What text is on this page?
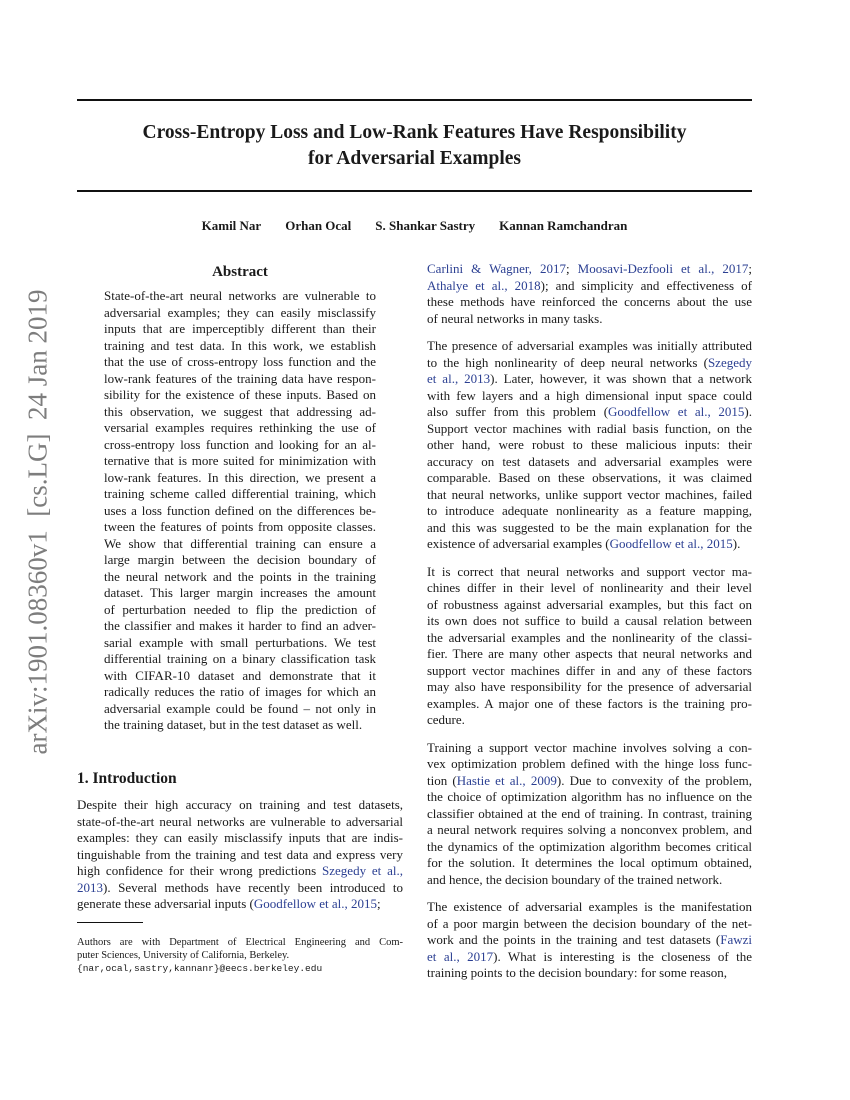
arXiv:1901.08360v1  [cs.LG]  24 Jan 2019
Cross-Entropy Loss and Low-Rank Features Have Responsibility
for Adversarial Examples
Kamil Nar Orhan Ocal S. Shankar Sastry Kannan Ramchandran
Abstract
State-of-the-art neural networks are vulnerable to
adversarial examples; they can easily misclassify
inputs that are imperceptibly different than their
training and test data. In this work, we establish
that the use of cross-entropy loss function and the
low-rank features of the training data have respon-
sibility for the existence of these inputs. Based on
this observation, we suggest that addressing ad-
versarial examples requires rethinking the use of
cross-entropy loss function and looking for an al-
ternative that is more suited for minimization with
low-rank features. In this direction, we present a
training scheme called differential training, which
uses a loss function defined on the differences be-
tween the features of points from opposite classes.
We show that differential training can ensure a
large margin between the decision boundary of
the neural network and the points in the training
dataset. This larger margin increases the amount
of perturbation needed to flip the prediction of
the classifier and makes it harder to find an adver-
sarial example with small perturbations. We test
differential training on a binary classification task
with CIFAR-10 dataset and demonstrate that it
radically reduces the ratio of images for which an
adversarial example could be found – not only in
the training dataset, but in the test dataset as well.
1. Introduction
Despite their high accuracy on training and test datasets,
state-of-the-art neural networks are vulnerable to adversarial
examples: they can easily misclassify inputs that are indis-
tinguishable from the training and test data and express very
high confidence for their wrong predictions Szegedy et al.,
2013). Several methods have recently been introduced to
generate these adversarial inputs (Goodfellow et al., 2015;
Carlini & Wagner, 2017; Moosavi-Dezfooli et al., 2017;
Athalye et al., 2018); and simplicity and effectiveness of
these methods have reinforced the concerns about the use
of neural networks in many tasks.
The presence of adversarial examples was initially attributed
to the high nonlinearity of deep neural networks (Szegedy
et al., 2013). Later, however, it was shown that a network
with few layers and a high dimensional input space could
also suffer from this problem (Goodfellow et al., 2015).
Support vector machines with radial basis function, on the
other hand, were robust to these malicious inputs: their
accuracy on test datasets and adversarial examples were
comparable. Based on these observations, it was claimed
that neural networks, unlike support vector machines, failed
to introduce adequate nonlinearity as a feature mapping,
and this was suggested to be the main explanation for the
existence of adversarial examples (Goodfellow et al., 2015).
It is correct that neural networks and support vector ma-
chines differ in their level of nonlinearity and their level
of robustness against adversarial examples, but this fact on
its own does not suffice to build a causal relation between
the adversarial examples and the nonlinearity of the classi-
fier. There are many other aspects that neural networks and
support vector machines differ in and any of these factors
may also have responsibility for the presence of adversarial
examples. A major one of these factors is the training pro-
cedure.
Training a support vector machine involves solving a con-
vex optimization problem defined with the hinge loss func-
tion (Hastie et al., 2009). Due to convexity of the problem,
the choice of optimization algorithm has no influence on the
classifier obtained at the end of training. In contrast, training
a neural network requires solving a nonconvex problem, and
the dynamics of the optimization algorithm becomes critical
for the solution. It determines the local optimum obtained,
and hence, the decision boundary of the trained network.
The existence of adversarial examples is the manifestation
of a poor margin between the decision boundary of the net-
work and the points in the training and test datasets (Fawzi
et al., 2017). What is interesting is the closeness of the
training points to the decision boundary: for some reason,
Authors are with Department of Electrical Engineering and Com-
puter Sciences, University of California, Berkeley.
{nar,ocal,sastry,kannanr}@eecs.berkeley.edu
